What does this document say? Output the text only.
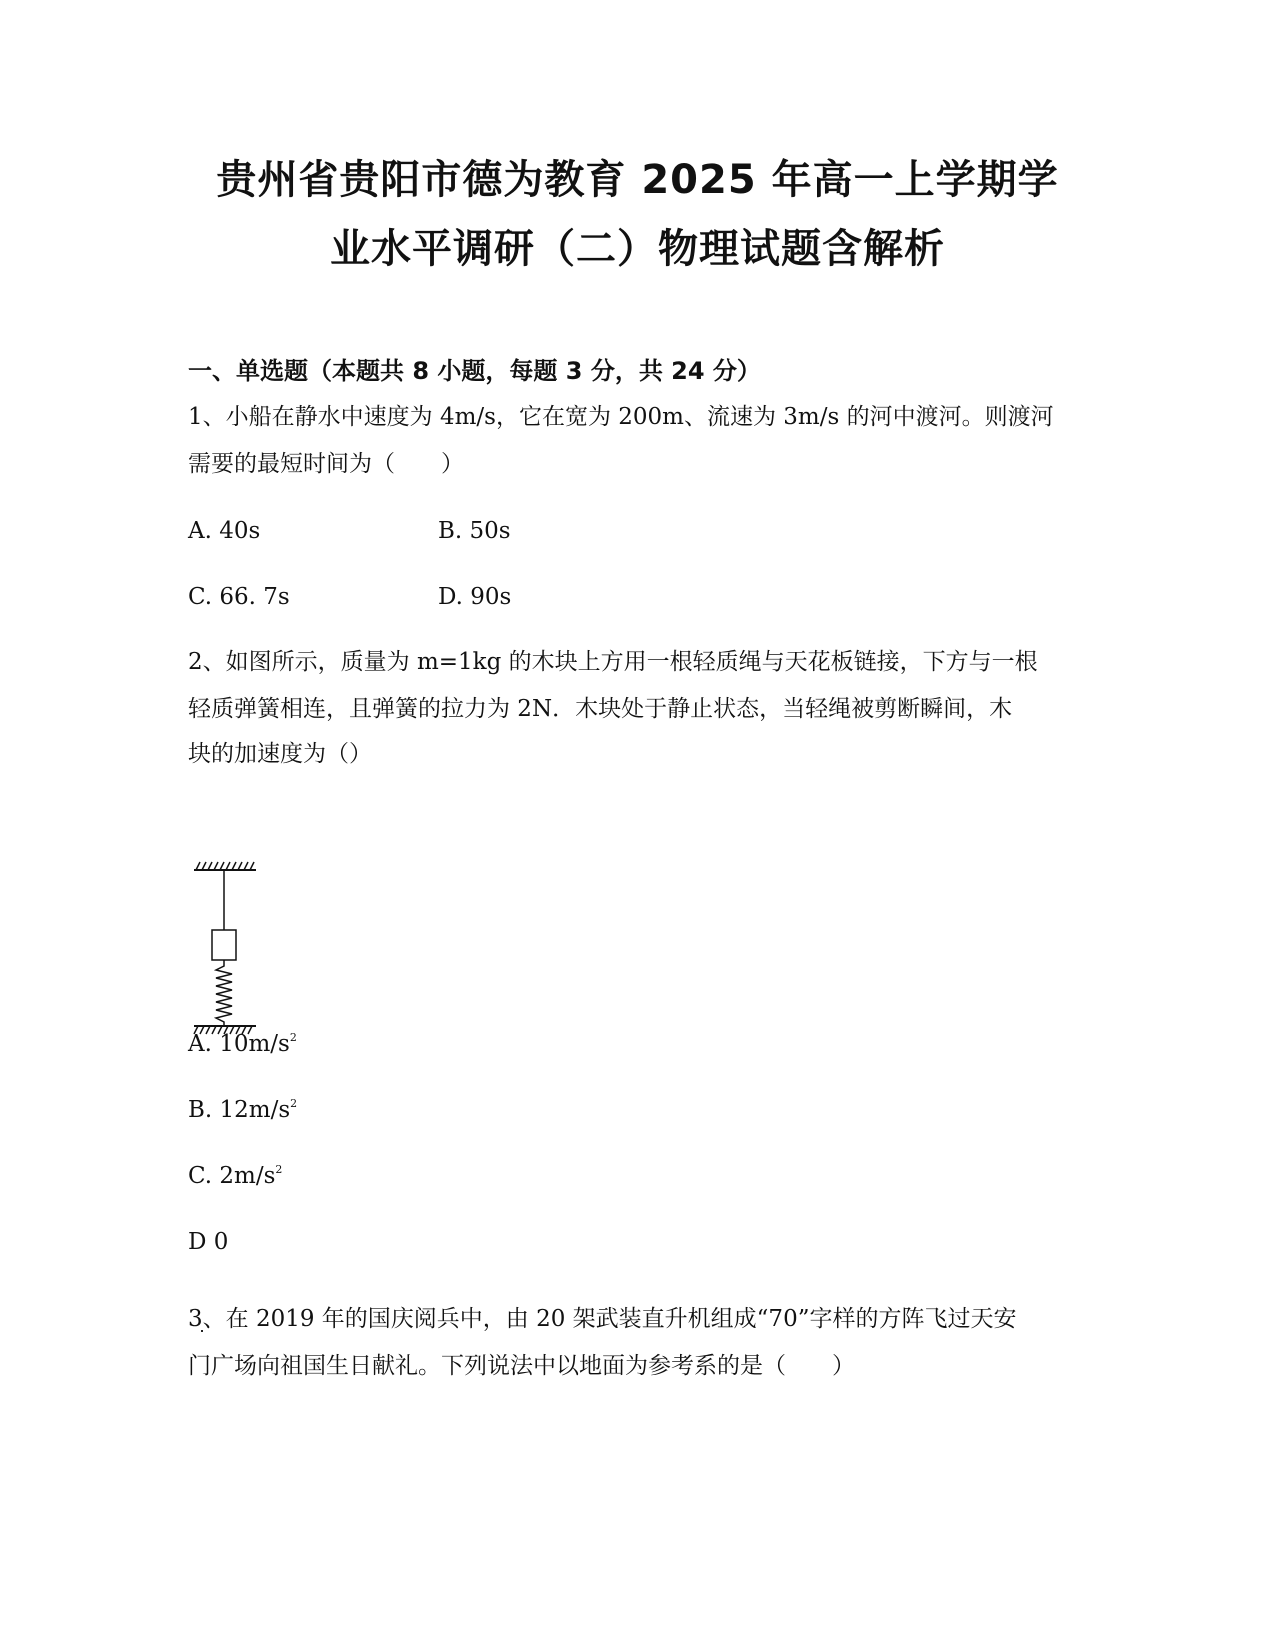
贵州省贵阳市德为教育 2025 年高一上学期学
业水平调研（二）物理试题含解析
一、单选题（本题共 8 小题，每题 3 分，共 24 分）
1、小船在静水中速度为 4m/s，它在宽为 200m、流速为 3m/s 的河中渡河。则渡河
需要的最短时间为（　　）
A. 40s	B. 50s
C. 66. 7s	D. 90s
2、如图所示，质量为 m=1kg 的木块上方用一根轻质绳与天花板链接，下方与一根
轻质弹簧相连，且弹簧的拉力为 2N．木块处于静止状态，当轻绳被剪断瞬间，木
块的加速度为（）
A. $10m/s^2$
B. $12m/s^2$
C. $2m/s^2$
D 0
3、在 2019 年的国庆阅兵中，由 20 架武装直升机组成“70”字样的方阵飞过天安
门广场向祖国生日献礼。下列说法中以地面为参考系的是（　　）
